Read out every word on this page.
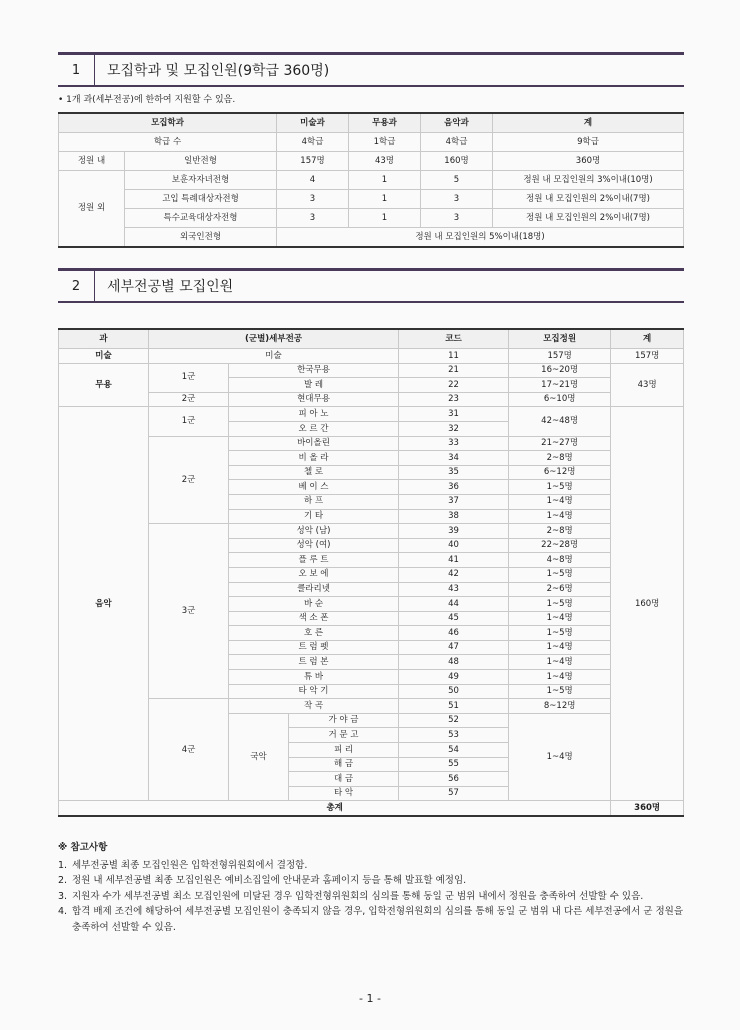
1	모집학과 및 모집인원(9학급 360명)
• 1개 과(세부전공)에 한하여 지원할 수 있음.
모집학과		미술과	무용과	음악과	계
학급 수		4학급	1학급	4학급	9학급
정원 내	일반전형	157명	43명	160명	360명
정원 외	보훈자자녀전형	4	1	5	정원 내 모집인원의 3%이내(10명)
	고입 특례대상자전형	3	1	3	정원 내 모집인원의 2%이내(7명)
	특수교육대상자전형	3	1	3	정원 내 모집인원의 2%이내(7명)
	외국인전형	정원 내 모집인원의 5%이내(18명)			
2	세부전공별 모집인원
과	(군별)세부전공			코드	모집정원	계
미술	미술			11	157명	157명
무용	1군	한국무용		21	16~20명	43명
		발 레		22	17~21명	
	2군	현대무용		23	6~10명	
음악	1군	피 아 노		31	42~48명	160명
		오 르 간		32		
	2군	바이올린		33	21~27명	
		비 올 라		34	2~8명	
		첼 로		35	6~12명	
		베 이 스		36	1~5명	
		하 프		37	1~4명	
		기 타		38	1~4명	
	3군	성악 (남)		39	2~8명	
		성악 (여)		40	22~28명	
		플 루 트		41	4~8명	
		오 보 에		42	1~5명	
		클라리넷		43	2~6명	
		바 순		44	1~5명	
		색 소 폰		45	1~4명	
		호 른		46	1~5명	
		트 럼 펫		47	1~4명	
		트 럼 본		48	1~4명	
		튜 바		49	1~4명	
		타 악 기		50	1~5명	
	4군	작 곡		51	8~12명	
		국악	가 야 금	52	1~4명	
			거 문 고	53		
			피 리	54		
			해 금	55		
			대 금	56		
			타 악	57		
총계						360명
※ 참고사항
1. 세부전공별 최종 모집인원은 입학전형위원회에서 결정함.
2. 정원 내 세부전공별 최종 모집인원은 예비소집일에 안내문과 홈페이지 등을 통해 발표할 예정임.
3. 지원자 수가 세부전공별 최소 모집인원에 미달된 경우 입학전형위원회의 심의를 통해 동일 군 범위 내에서 정원을 충족하여 선발할 수 있음.
4. 합격 배제 조건에 해당하여 세부전공별 모집인원이 충족되지 않을 경우, 입학전형위원회의 심의를 통해 동일 군 범위 내 다른 세부전공에서 군 정원을 충족하여 선발할 수 있음.
- 1 -
